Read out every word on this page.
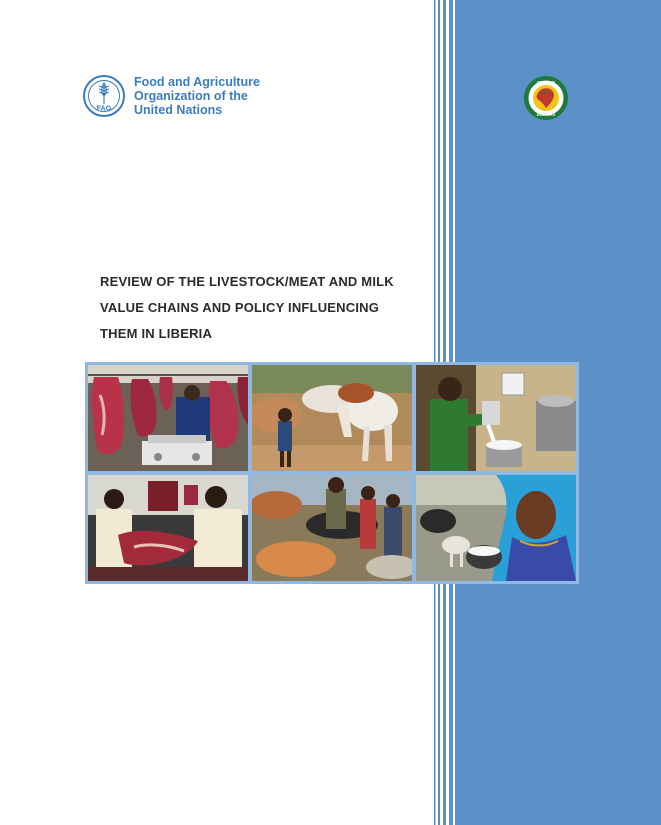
FAO
Food and Agriculture
Organization of the
United Nations
CEDEAO
ECOWAS
REVIEW OF THE LIVESTOCK/MEAT AND MILK
VALUE CHAINS AND POLICY INFLUENCING
THEM IN LIBERIA
